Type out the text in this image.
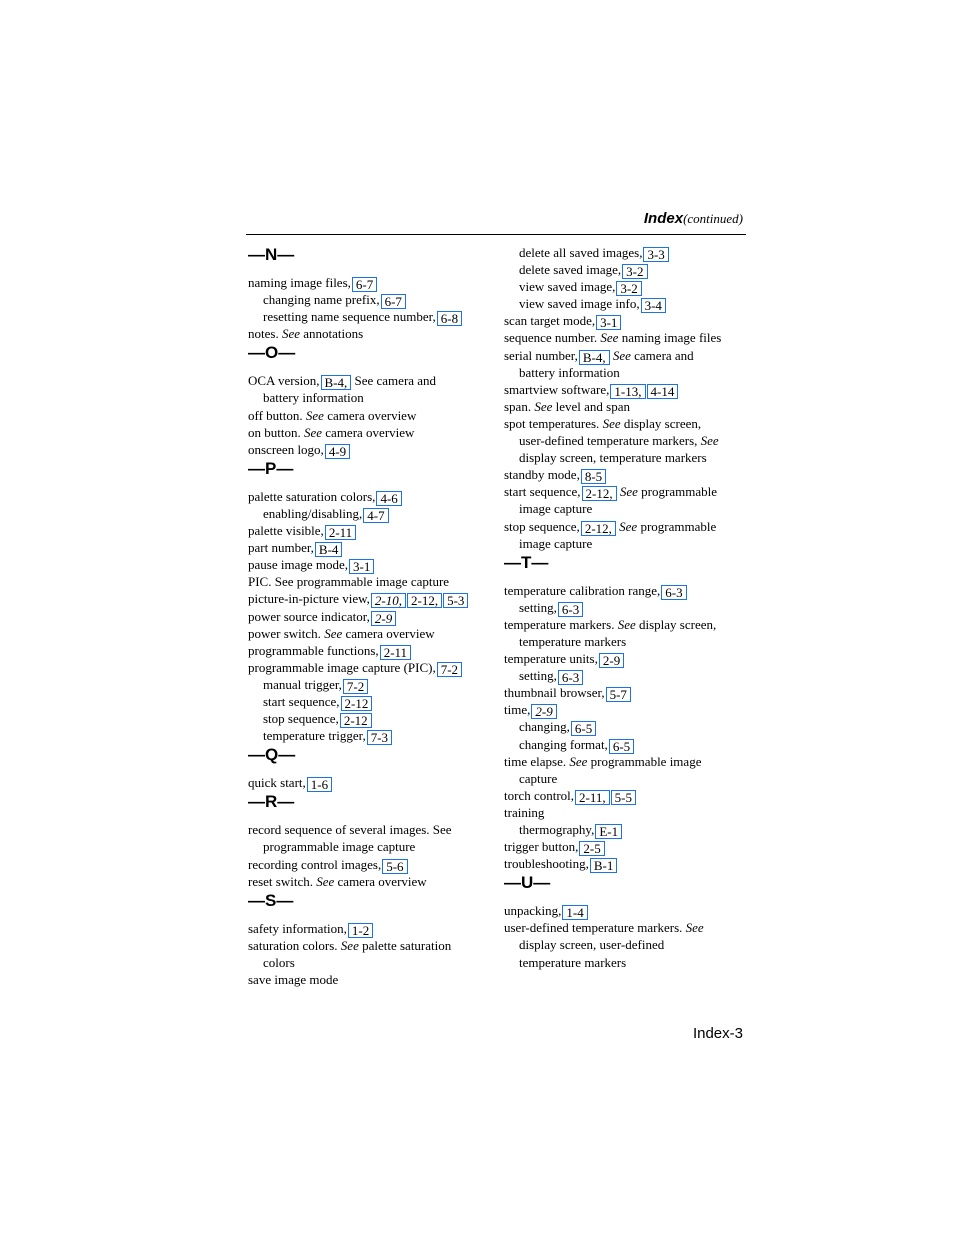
Index(continued)
—N—
naming image files, 6-7
changing name prefix, 6-7
resetting name sequence number, 6-8
notes. See annotations
—O—
OCA version, B-4, See camera and
battery information
off button. See camera overview
on button. See camera overview
onscreen logo, 4-9
—P—
palette saturation colors, 4-6
enabling/disabling, 4-7
palette visible, 2-11
part number, B-4
pause image mode, 3-1
PIC. See programmable image capture
picture-in-picture view, 2-10, 2-12, 5-3
power source indicator, 2-9
power switch. See camera overview
programmable functions, 2-11
programmable image capture (PIC), 7-2
manual trigger, 7-2
start sequence, 2-12
stop sequence, 2-12
temperature trigger, 7-3
—Q—
quick start, 1-6
—R—
record sequence of several images. See
programmable image capture
recording control images, 5-6
reset switch. See camera overview
—S—
safety information, 1-2
saturation colors. See palette saturation
colors
save image mode
delete all saved images, 3-3
delete saved image, 3-2
view saved image, 3-2
view saved image info, 3-4
scan target mode, 3-1
sequence number. See naming image files
serial number, B-4, See camera and
battery information
smartview software, 1-13, 4-14
span. See level and span
spot temperatures. See display screen,
user-defined temperature markers, See
display screen, temperature markers
standby mode, 8-5
start sequence, 2-12, See programmable
image capture
stop sequence, 2-12, See programmable
image capture
—T—
temperature calibration range, 6-3
setting, 6-3
temperature markers. See display screen,
temperature markers
temperature units, 2-9
setting, 6-3
thumbnail browser, 5-7
time, 2-9
changing, 6-5
changing format, 6-5
time elapse. See programmable image
capture
torch control, 2-11, 5-5
training
thermography, E-1
trigger button, 2-5
troubleshooting, B-1
—U—
unpacking, 1-4
user-defined temperature markers. See
display screen, user-defined
temperature markers
Index-3
